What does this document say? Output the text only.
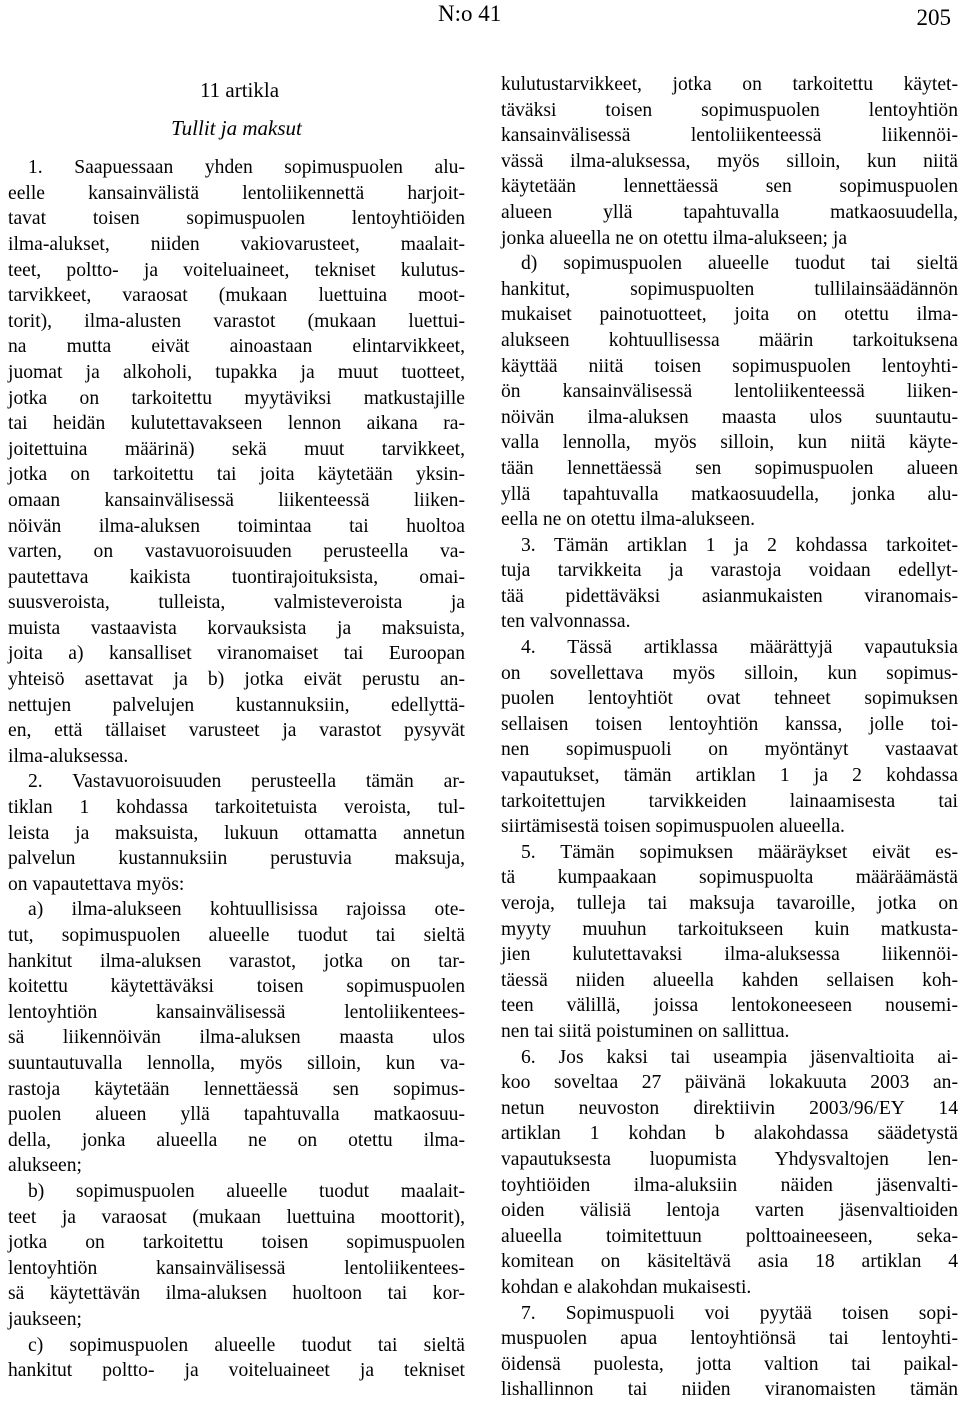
N:o 41	205
11 artikla
Tullit ja maksut
1. Saapuessaan yhden sopimuspuolen alu-
eelle kansainvälistä lentoliikennettä harjoit-
tavat toisen sopimuspuolen lentoyhtiöiden
ilma-alukset, niiden vakiovarusteet, maalait-
teet, poltto- ja voiteluaineet, tekniset kulutus-
tarvikkeet, varaosat (mukaan luettuina moot-
torit), ilma-alusten varastot (mukaan luettui-
na mutta eivät ainoastaan elintarvikkeet,
juomat ja alkoholi, tupakka ja muut tuotteet,
jotka on tarkoitettu myytäviksi matkustajille
tai heidän kulutettavakseen lennon aikana ra-
joitettuina määrinä) sekä muut tarvikkeet,
jotka on tarkoitettu tai joita käytetään yksin-
omaan kansainvälisessä liikenteessä liiken-
nöivän ilma-aluksen toimintaa tai huoltoa
varten, on vastavuoroisuuden perusteella va-
pautettava kaikista tuontirajoituksista, omai-
suusveroista, tulleista, valmisteveroista ja
muista vastaavista korvauksista ja maksuista,
joita a) kansalliset viranomaiset tai Euroopan
yhteisö asettavat ja b) jotka eivät perustu an-
nettujen palvelujen kustannuksiin, edellyttä-
en, että tällaiset varusteet ja varastot pysyvät
ilma-aluksessa.
2. Vastavuoroisuuden perusteella tämän ar-
tiklan 1 kohdassa tarkoitetuista veroista, tul-
leista ja maksuista, lukuun ottamatta annetun
palvelun kustannuksiin perustuvia maksuja,
on vapautettava myös:
a) ilma-alukseen kohtuullisissa rajoissa ote-
tut, sopimuspuolen alueelle tuodut tai sieltä
hankitut ilma-aluksen varastot, jotka on tar-
koitettu käytettäväksi toisen sopimuspuolen
lentoyhtiön kansainvälisessä lentoliikentees-
sä liikennöivän ilma-aluksen maasta ulos
suuntautuvalla lennolla, myös silloin, kun va-
rastoja käytetään lennettäessä sen sopimus-
puolen alueen yllä tapahtuvalla matkaosuu-
della, jonka alueella ne on otettu ilma-
alukseen;
b) sopimuspuolen alueelle tuodut maalait-
teet ja varaosat (mukaan luettuina moottorit),
jotka on tarkoitettu toisen sopimuspuolen
lentoyhtiön kansainvälisessä lentoliikentees-
sä käytettävän ilma-aluksen huoltoon tai kor-
jaukseen;
c) sopimuspuolen alueelle tuodut tai sieltä
hankitut poltto- ja voiteluaineet ja tekniset
kulutustarvikkeet, jotka on tarkoitettu käytet-
täväksi toisen sopimuspuolen lentoyhtiön
kansainvälisessä lentoliikenteessä liikennöi-
vässä ilma-aluksessa, myös silloin, kun niitä
käytetään lennettäessä sen sopimuspuolen
alueen yllä tapahtuvalla matkaosuudella,
jonka alueella ne on otettu ilma-alukseen; ja
d) sopimuspuolen alueelle tuodut tai sieltä
hankitut, sopimuspuolten tullilainsäädännön
mukaiset painotuotteet, joita on otettu ilma-
alukseen kohtuullisessa määrin tarkoituksena
käyttää niitä toisen sopimuspuolen lentoyhti-
ön kansainvälisessä lentoliikenteessä liiken-
nöivän ilma-aluksen maasta ulos suuntautu-
valla lennolla, myös silloin, kun niitä käyte-
tään lennettäessä sen sopimuspuolen alueen
yllä tapahtuvalla matkaosuudella, jonka alu-
eella ne on otettu ilma-alukseen.
3. Tämän artiklan 1 ja 2 kohdassa tarkoitet-
tuja tarvikkeita ja varastoja voidaan edellyt-
tää pidettäväksi asianmukaisten viranomais-
ten valvonnassa.
4. Tässä artiklassa määrättyjä vapautuksia
on sovellettava myös silloin, kun sopimus-
puolen lentoyhtiöt ovat tehneet sopimuksen
sellaisen toisen lentoyhtiön kanssa, jolle toi-
nen sopimuspuoli on myöntänyt vastaavat
vapautukset, tämän artiklan 1 ja 2 kohdassa
tarkoitettujen tarvikkeiden lainaamisesta tai
siirtämisestä toisen sopimuspuolen alueella.
5. Tämän sopimuksen määräykset eivät es-
tä kumpaakaan sopimuspuolta määräämästä
veroja, tulleja tai maksuja tavaroille, jotka on
myyty muuhun tarkoitukseen kuin matkusta-
jien kulutettavaksi ilma-aluksessa liikennöi-
täessä niiden alueella kahden sellaisen koh-
teen välillä, joissa lentokoneeseen nousemi-
nen tai siitä poistuminen on sallittua.
6. Jos kaksi tai useampia jäsenvaltioita ai-
koo soveltaa 27 päivänä lokakuuta 2003 an-
netun neuvoston direktiivin 2003/96/EY 14
artiklan 1 kohdan b alakohdassa säädetystä
vapautuksesta luopumista Yhdysvaltojen len-
toyhtiöiden ilma-aluksiin näiden jäsenvalti-
oiden välisiä lentoja varten jäsenvaltioiden
alueella toimitettuun polttoaineeseen, seka-
komitean on käsiteltävä asia 18 artiklan 4
kohdan e alakohdan mukaisesti.
7. Sopimuspuoli voi pyytää toisen sopi-
muspuolen apua lentoyhtiönsä tai lentoyhti-
öidensä puolesta, jotta valtion tai paikal-
lishallinnon tai niiden viranomaisten tämän
